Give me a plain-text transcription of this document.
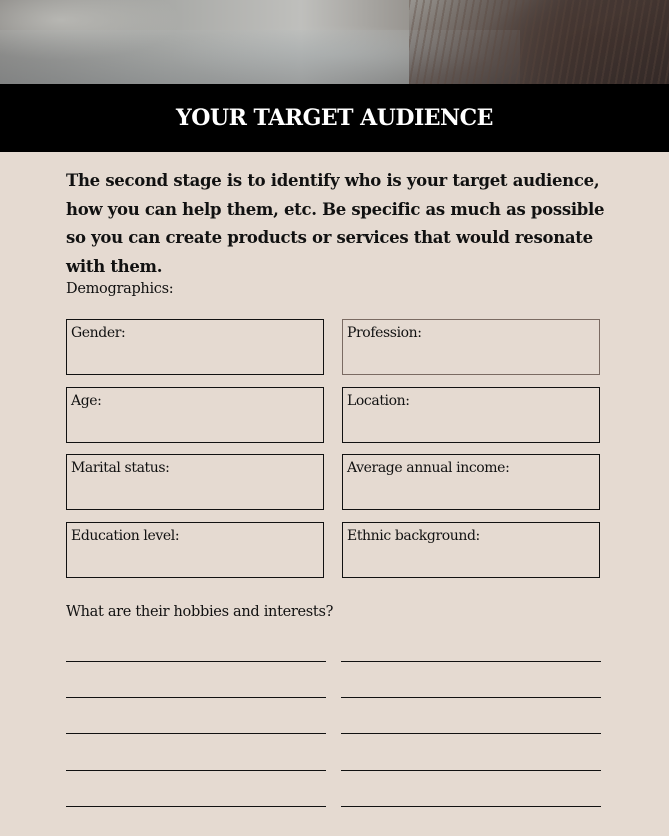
YOUR TARGET AUDIENCE

The second stage is to identify who is your target audience, how you can help them, etc. Be specific as much as possible so you can create products or services that would resonate with them.

Demographics:

Gender:	Profession:
Age:	Location:
Marital status:	Average annual income:
Education level:	Ethnic background:

What are their hobbies and interests?
